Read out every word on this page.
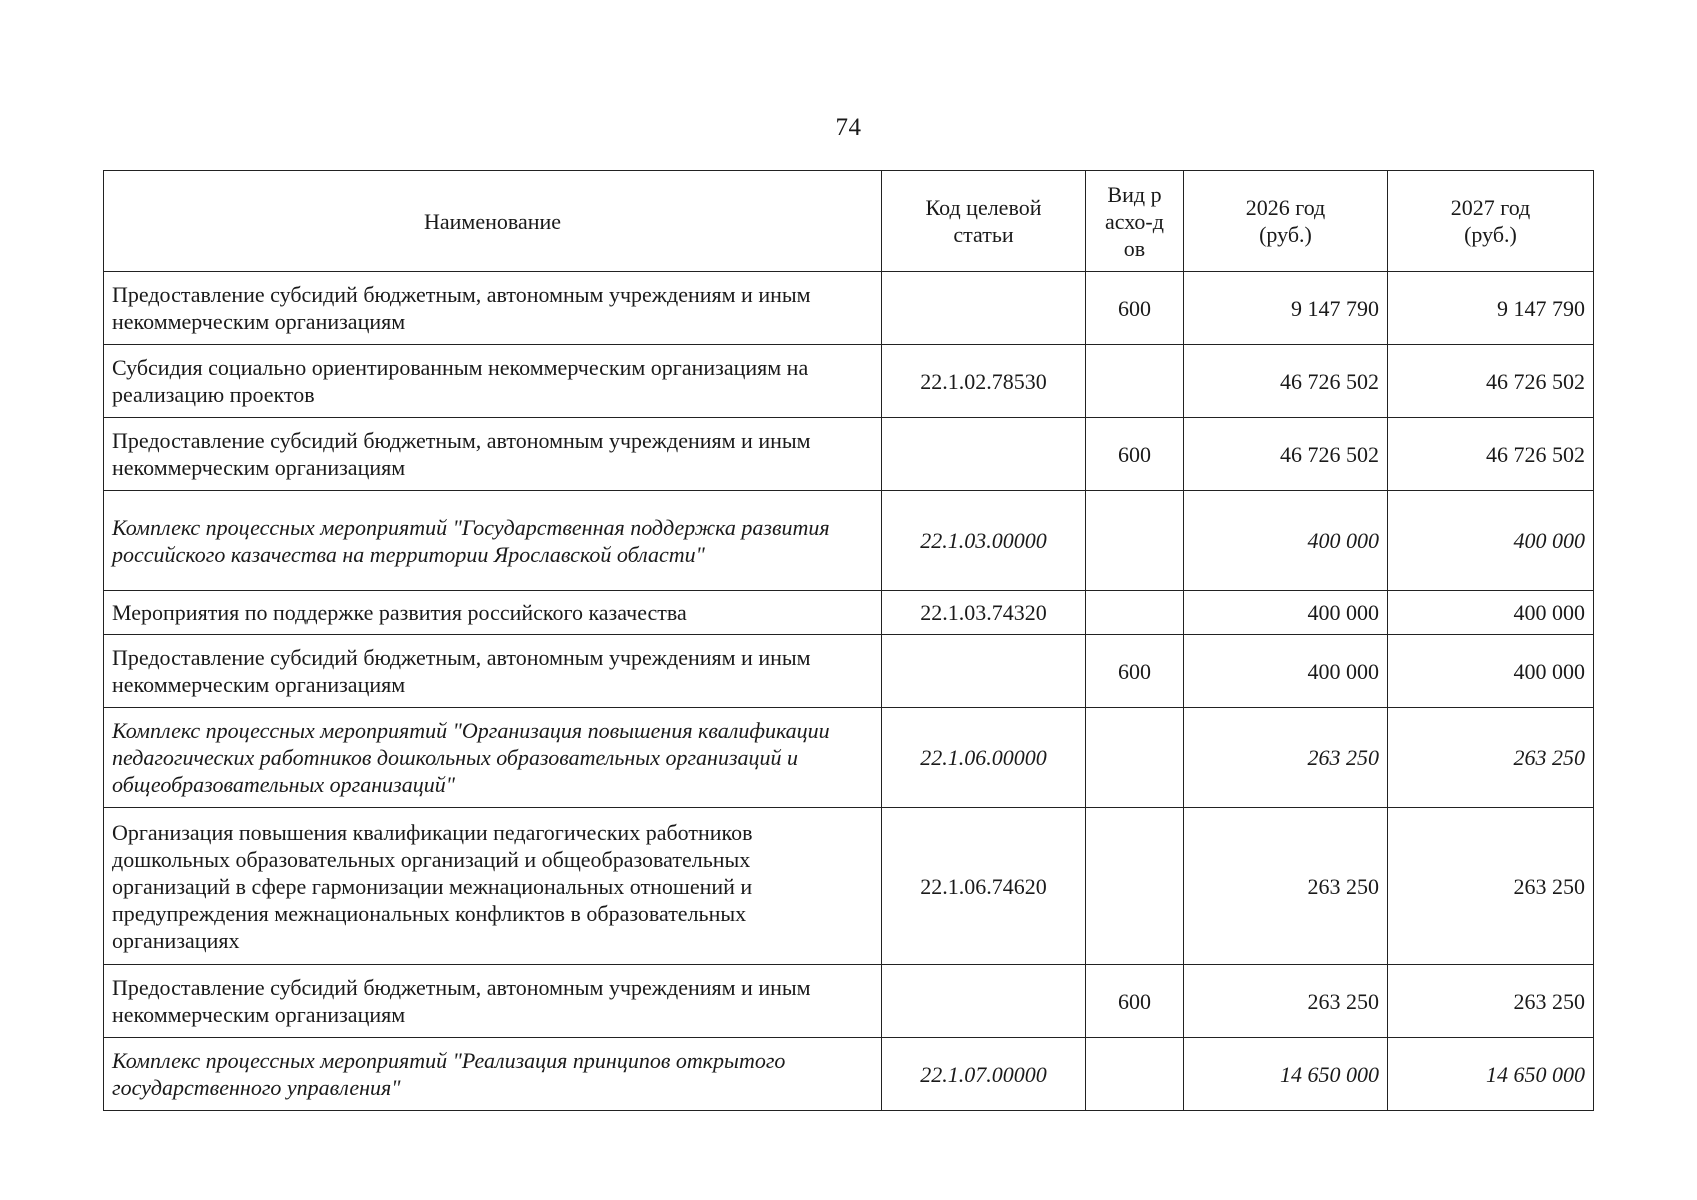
74
Наименование	Код целевой статьи	Вид расхо-дов	2026 год (руб.)	2027 год (руб.)
Предоставление субсидий бюджетным, автономным учреждениям и иным некоммерческим организациям		600	9 147 790	9 147 790
Субсидия социально ориентированным некоммерческим организациям на реализацию проектов	22.1.02.78530		46 726 502	46 726 502
Предоставление субсидий бюджетным, автономным учреждениям и иным некоммерческим организациям		600	46 726 502	46 726 502
Комплекс процессных мероприятий "Государственная поддержка развития российского казачества на территории Ярославской области"	22.1.03.00000		400 000	400 000
Мероприятия по поддержке развития российского казачества	22.1.03.74320		400 000	400 000
Предоставление субсидий бюджетным, автономным учреждениям и иным некоммерческим организациям		600	400 000	400 000
Комплекс процессных мероприятий "Организация повышения квалификации педагогических работников дошкольных образовательных организаций и общеобразовательных организаций"	22.1.06.00000		263 250	263 250
Организация повышения квалификации педагогических работников дошкольных образовательных организаций и общеобразовательных организаций в сфере гармонизации межнациональных отношений и предупреждения межнациональных конфликтов в образовательных организациях	22.1.06.74620		263 250	263 250
Предоставление субсидий бюджетным, автономным учреждениям и иным некоммерческим организациям		600	263 250	263 250
Комплекс процессных мероприятий "Реализация принципов открытого государственного управления"	22.1.07.00000		14 650 000	14 650 000
